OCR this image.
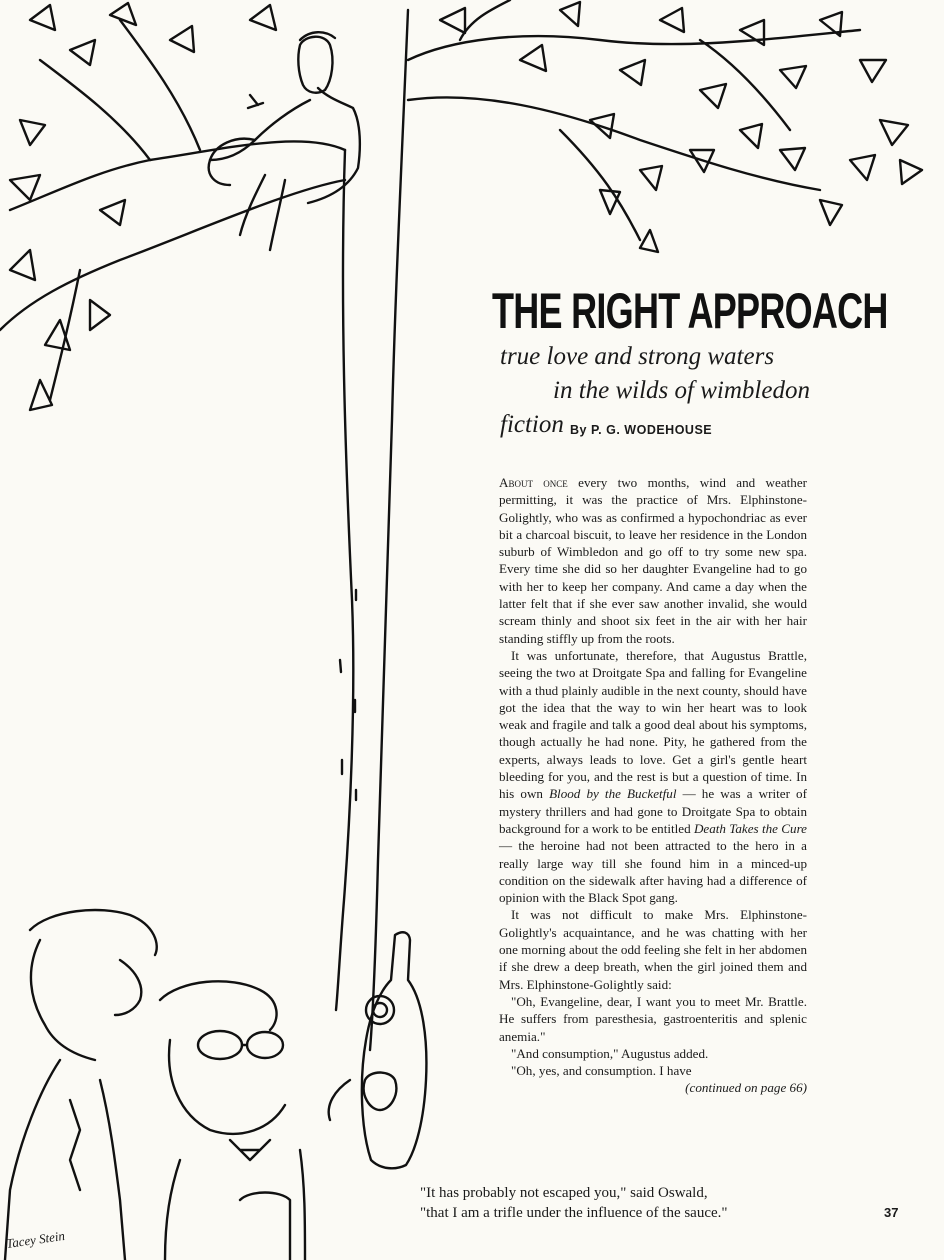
THE RIGHT APPROACH
true love and strong waters
in the wilds of wimbledon
fiction By P. G. WODEHOUSE

About once every two months, wind and weather permitting, it was the practice of Mrs. Elphinstone-Golightly, who was as confirmed a hypochondriac as ever bit a charcoal biscuit, to leave her residence in the London suburb of Wimbledon and go off to try some new spa. Every time she did so her daughter Evangeline had to go with her to keep her company. And came a day when the latter felt that if she ever saw another invalid, she would scream thinly and shoot six feet in the air with her hair standing stiffly up from the roots.

It was unfortunate, therefore, that Augustus Brattle, seeing the two at Droitgate Spa and falling for Evangeline with a thud plainly audible in the next county, should have got the idea that the way to win her heart was to look weak and fragile and talk a good deal about his symptoms, though actually he had none. Pity, he gathered from the experts, always leads to love. Get a girl's gentle heart bleeding for you, and the rest is but a question of time. In his own Blood by the Bucketful — he was a writer of mystery thrillers and had gone to Droitgate Spa to obtain background for a work to be entitled Death Takes the Cure — the heroine had not been attracted to the hero in a really large way till she found him in a minced-up condition on the sidewalk after having had a difference of opinion with the Black Spot gang.

It was not difficult to make Mrs. Elphinstone-Golightly's acquaintance, and he was chatting with her one morning about the odd feeling she felt in her abdomen if she drew a deep breath, when the girl joined them and Mrs. Elphinstone-Golightly said:

"Oh, Evangeline, dear, I want you to meet Mr. Brattle. He suffers from paresthesia, gastroenteritis and splenic anemia."

"And consumption," Augustus added.

"Oh, yes, and consumption. I have

(continued on page 66)

"It has probably not escaped you," said Oswald,
"that I am a trifle under the influence of the sauce."	37
Tacey Stein
